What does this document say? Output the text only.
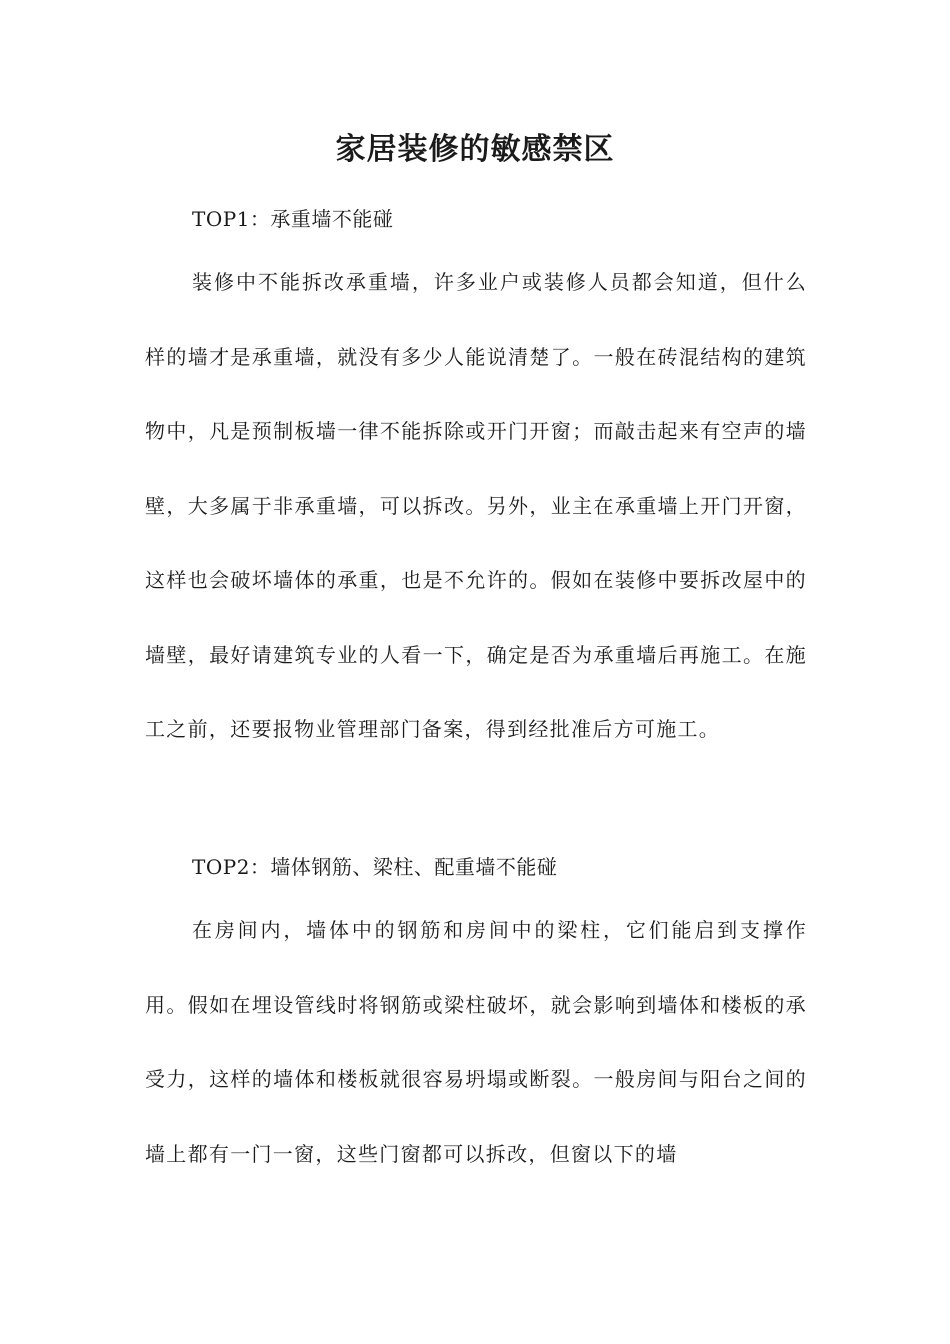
家居装修的敏感禁区

TOP1：承重墙不能碰

装修中不能拆改承重墙，许多业户或装修人员都会知道，但什么样的墙才是承重墙，就没有多少人能说清楚了。一般在砖混结构的建筑物中，凡是预制板墙一律不能拆除或开门开窗；而敲击起来有空声的墙壁，大多属于非承重墙，可以拆改。另外，业主在承重墙上开门开窗，这样也会破坏墙体的承重，也是不允许的。假如在装修中要拆改屋中的墙壁，最好请建筑专业的人看一下，确定是否为承重墙后再施工。在施工之前，还要报物业管理部门备案，得到经批准后方可施工。

TOP2：墙体钢筋、梁柱、配重墙不能碰

在房间内，墙体中的钢筋和房间中的梁柱，它们能启到支撑作用。假如在埋设管线时将钢筋或梁柱破坏，就会影响到墙体和楼板的承受力，这样的墙体和楼板就很容易坍塌或断裂。一般房间与阳台之间的墙上都有一门一窗，这些门窗都可以拆改，但窗以下的墙
